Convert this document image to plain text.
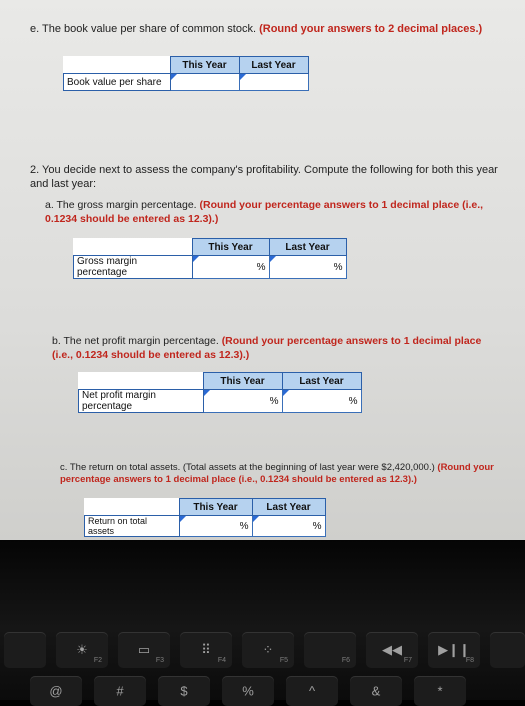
e. The book value per share of common stock. (Round your answers to 2 decimal places.)
	This Year	Last Year
Book value per share		
2. You decide next to assess the company's profitability. Compute the following for both this year and last year:
a. The gross margin percentage. (Round your percentage answers to 1 decimal place (i.e., 0.1234 should be entered as 12.3).)
	This Year	Last Year
Gross margin percentage	%	%
b. The net profit margin percentage. (Round your percentage answers to 1 decimal place (i.e., 0.1234 should be entered as 12.3).)
	This Year	Last Year
Net profit margin percentage	%	%
c. The return on total assets. (Total assets at the beginning of last year were $2,420,000.) (Round your percentage answers to 1 decimal place (i.e., 0.1234 should be entered as 12.3).)
	This Year	Last Year
Return on total assets	%	%
☀
F2
▭
F3
⠿
F4
⁘
F5	F6
◀◀
F7
▶❙❙
F8
@	#	$	%	^	&	*
